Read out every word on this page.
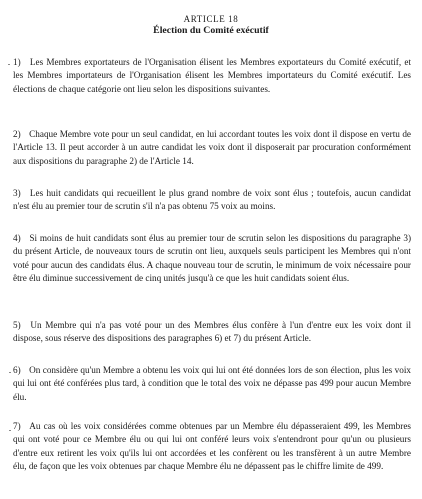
ARTICLE 18
Élection du Comité exécutif

1) Les Membres exportateurs de l'Organisation élisent les Membres exportateurs du Comité exécutif, et les Membres importateurs de l'Organisation élisent les Membres importateurs du Comité exécutif. Les élections de chaque catégorie ont lieu selon les dispositions suivantes.

2) Chaque Membre vote pour un seul candidat, en lui accordant toutes les voix dont il dispose en vertu de l'Article 13. Il peut accorder à un autre candidat les voix dont il disposerait par procuration conformément aux dispositions du paragraphe 2) de l'Article 14.

3) Les huit candidats qui recueillent le plus grand nombre de voix sont élus ; toutefois, aucun candidat n'est élu au premier tour de scrutin s'il n'a pas obtenu 75 voix au moins.

4) Si moins de huit candidats sont élus au premier tour de scrutin selon les dispositions du paragraphe 3) du présent Article, de nouveaux tours de scrutin ont lieu, auxquels seuls participent les Membres qui n'ont voté pour aucun des candidats élus. A chaque nouveau tour de scrutin, le minimum de voix nécessaire pour être élu diminue successivement de cinq unités jusqu'à ce que les huit candidats soient élus.

5) Un Membre qui n'a pas voté pour un des Membres élus confère à l'un d'entre eux les voix dont il dispose, sous réserve des dispositions des paragraphes 6) et 7) du présent Article.

6) On considère qu'un Membre a obtenu les voix qui lui ont été données lors de son élection, plus les voix qui lui ont été conférées plus tard, à condition que le total des voix ne dépasse pas 499 pour aucun Membre élu.

7) Au cas où les voix considérées comme obtenues par un Membre élu dépasseraient 499, les Membres qui ont voté pour ce Membre élu ou qui lui ont conféré leurs voix s'entendront pour qu'un ou plusieurs d'entre eux retirent les voix qu'ils lui ont accordées et les confèrent ou les transfèrent à un autre Membre élu, de façon que les voix obtenues par chaque Membre élu ne dépassent pas le chiffre limite de 499.
